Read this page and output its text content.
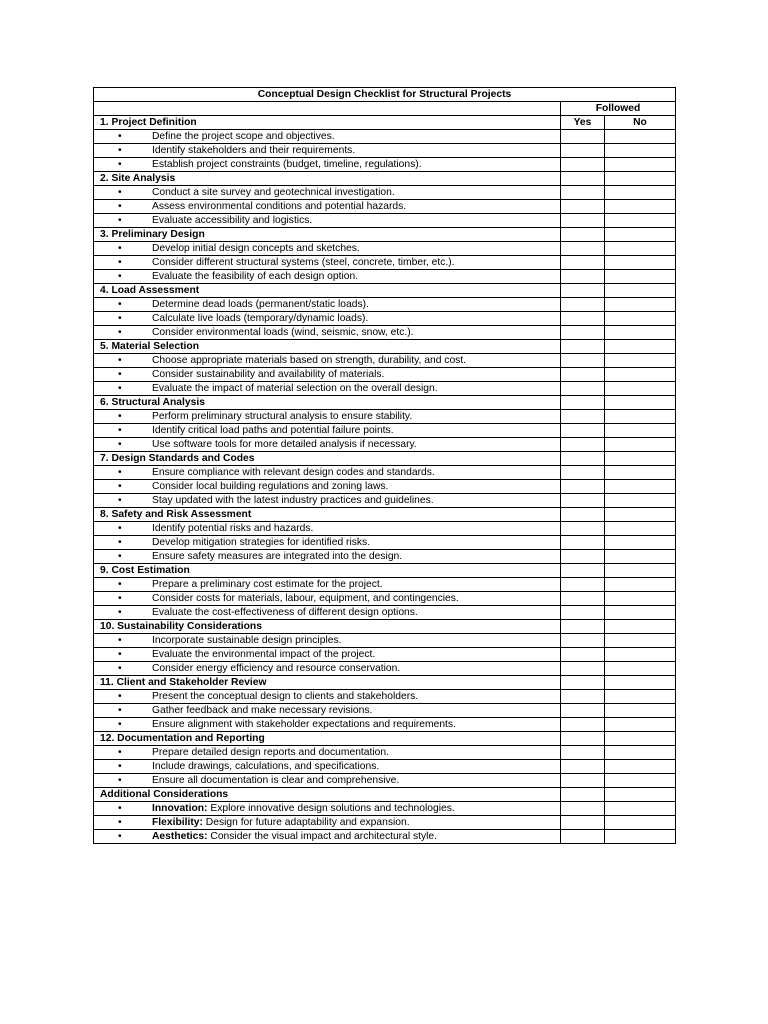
Conceptual Design Checklist for Structural Projects		
	Followed	
1. Project Definition	Yes	No
• Define the project scope and objectives.		
• Identify stakeholders and their requirements.		
• Establish project constraints (budget, timeline, regulations).		
2. Site Analysis		
• Conduct a site survey and geotechnical investigation.		
• Assess environmental conditions and potential hazards.		
• Evaluate accessibility and logistics.		
3. Preliminary Design		
• Develop initial design concepts and sketches.		
• Consider different structural systems (steel, concrete, timber, etc.).		
• Evaluate the feasibility of each design option.		
4. Load Assessment		
• Determine dead loads (permanent/static loads).		
• Calculate live loads (temporary/dynamic loads).		
• Consider environmental loads (wind, seismic, snow, etc.).		
5. Material Selection		
• Choose appropriate materials based on strength, durability, and cost.		
• Consider sustainability and availability of materials.		
• Evaluate the impact of material selection on the overall design.		
6. Structural Analysis		
• Perform preliminary structural analysis to ensure stability.		
• Identify critical load paths and potential failure points.		
• Use software tools for more detailed analysis if necessary.		
7. Design Standards and Codes		
• Ensure compliance with relevant design codes and standards.		
• Consider local building regulations and zoning laws.		
• Stay updated with the latest industry practices and guidelines.		
8. Safety and Risk Assessment		
• Identify potential risks and hazards.		
• Develop mitigation strategies for identified risks.		
• Ensure safety measures are integrated into the design.		
9. Cost Estimation		
• Prepare a preliminary cost estimate for the project.		
• Consider costs for materials, labour, equipment, and contingencies.		
• Evaluate the cost-effectiveness of different design options.		
10. Sustainability Considerations		
• Incorporate sustainable design principles.		
• Evaluate the environmental impact of the project.		
• Consider energy efficiency and resource conservation.		
11. Client and Stakeholder Review		
• Present the conceptual design to clients and stakeholders.		
• Gather feedback and make necessary revisions.		
• Ensure alignment with stakeholder expectations and requirements.		
12. Documentation and Reporting		
• Prepare detailed design reports and documentation.		
• Include drawings, calculations, and specifications.		
• Ensure all documentation is clear and comprehensive.		
Additional Considerations		
• Innovation: Explore innovative design solutions and technologies.		
• Flexibility: Design for future adaptability and expansion.		
• Aesthetics: Consider the visual impact and architectural style.		
